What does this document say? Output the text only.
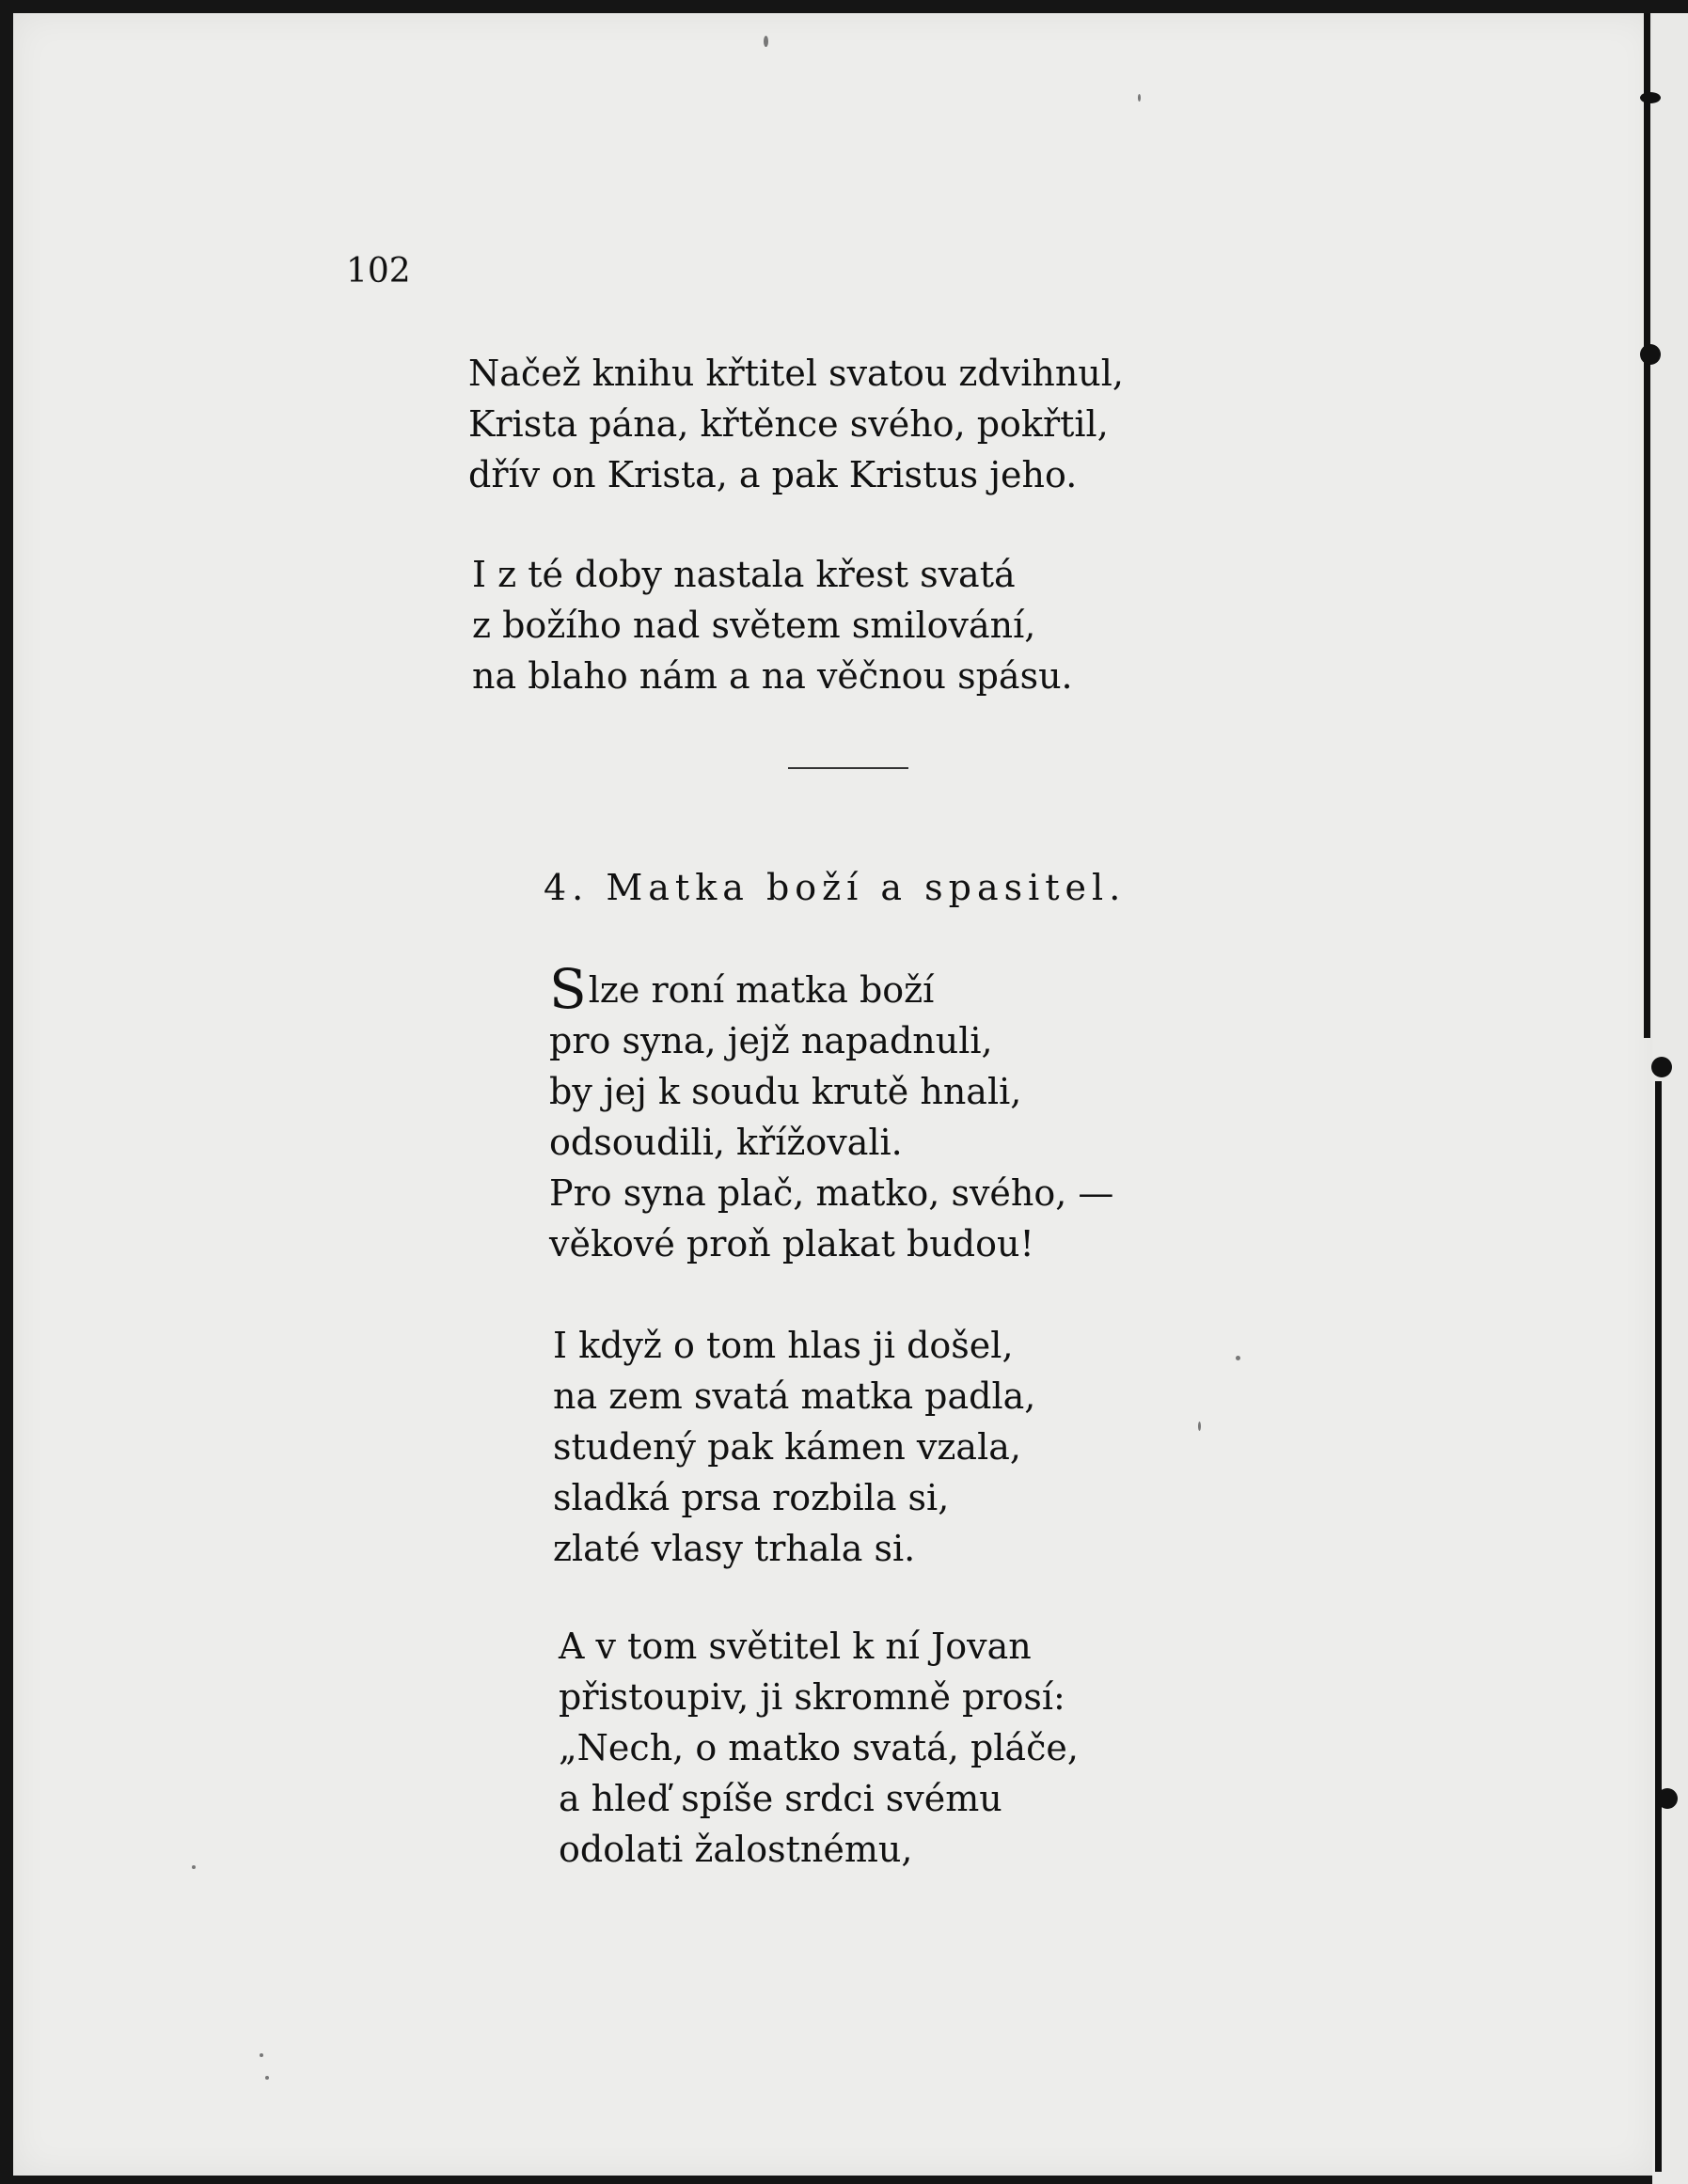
102
Načež knihu křtitel svatou zdvihnul,
Krista pána, křtěnce svého, pokřtil,
dřív on Krista, a pak Kristus jeho.
I z té doby nastala křest svatá
z božího nad světem smilování,
na blaho nám a na věčnou spásu.
4. Matka boží a spasitel.
Slze roní matka boží
pro syna, jejž napadnuli,
by jej k soudu krutě hnali,
odsoudili, křížovali.
Pro syna plač, matko, svého, —
věkové proň plakat budou!
I když o tom hlas ji došel,
na zem svatá matka padla,
studený pak kámen vzala,
sladká prsa rozbila si,
zlaté vlasy trhala si.
A v tom světitel k ní Jovan
přistoupiv, ji skromně prosí:
„Nech, o matko svatá, pláče,
a hleď spíše srdci svému
odolati žalostnému,
